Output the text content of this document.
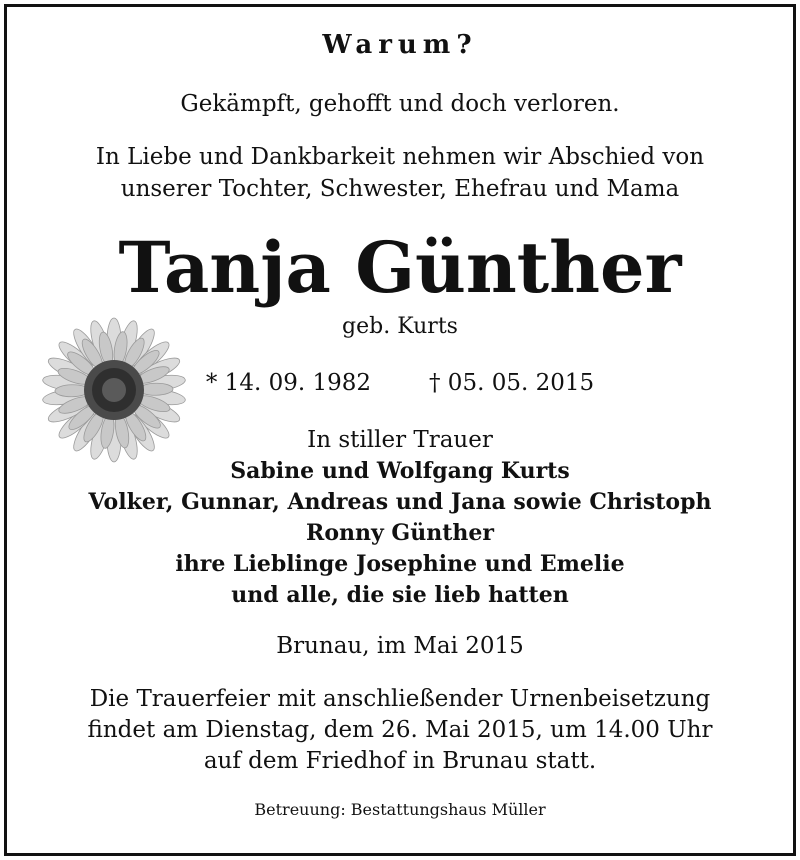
Warum?
Gekämpft, gehofft und doch verloren.
In Liebe und Dankbarkeit nehmen wir Abschied von
unserer Tochter, Schwester, Ehefrau und Mama
Tanja Günther
geb. Kurts
* 14. 09. 1982	† 05. 05. 2015
In stiller Trauer
Sabine und Wolfgang Kurts
Volker, Gunnar, Andreas und Jana sowie Christoph
Ronny Günther
ihre Lieblinge Josephine und Emelie
und alle, die sie lieb hatten
Brunau, im Mai 2015
Die Trauerfeier mit anschließender Urnenbeisetzung
findet am Dienstag, dem 26. Mai 2015, um 14.00 Uhr
auf dem Friedhof in Brunau statt.
Betreuung: Bestattungshaus Müller
